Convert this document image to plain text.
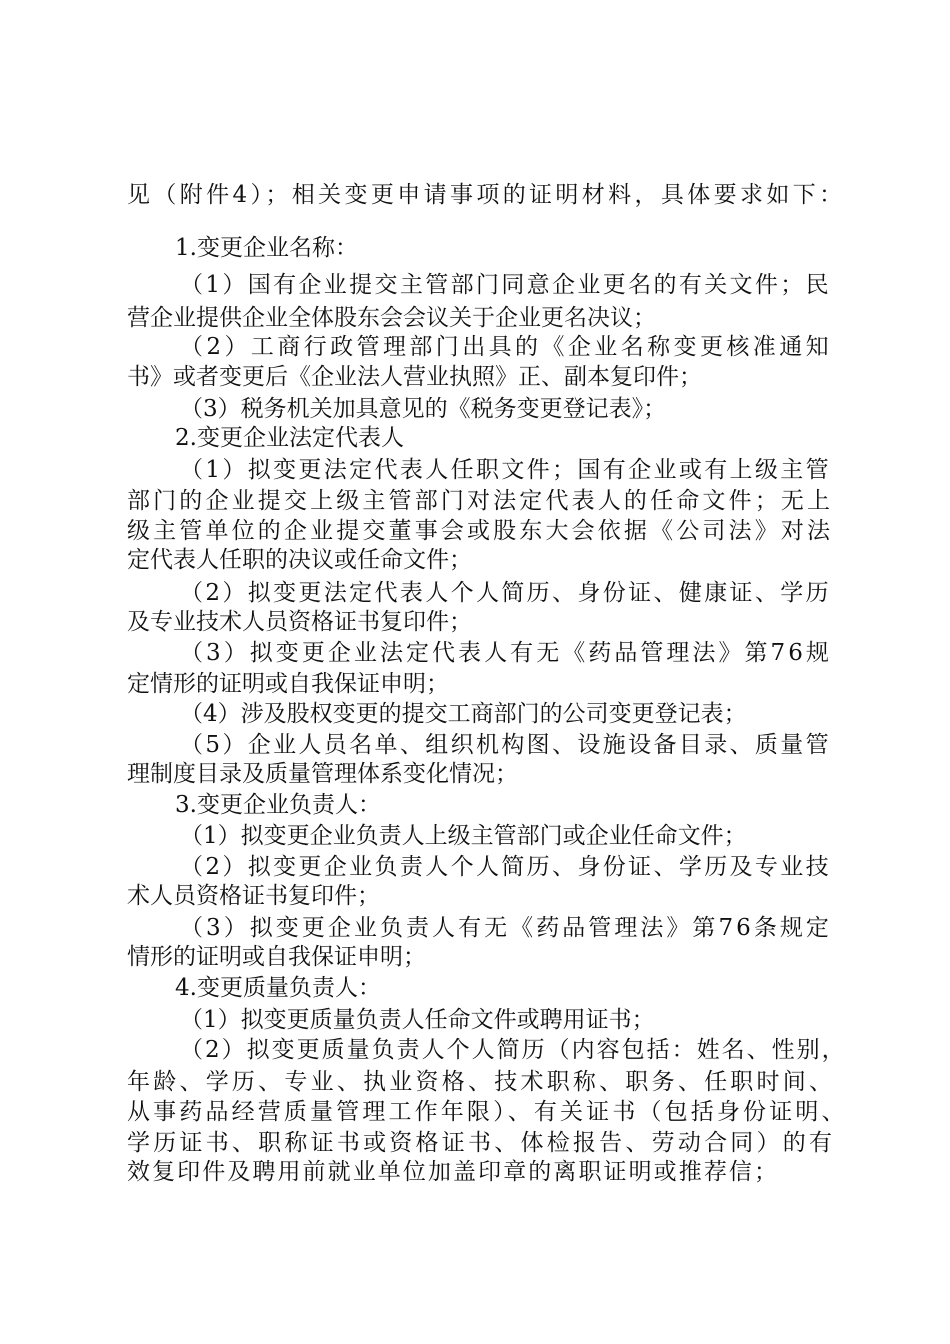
见（附件4）；相关变更申请事项的证明材料，具体要求如下：

1.变更企业名称：

（1）国有企业提交主管部门同意企业更名的有关文件；民

营企业提供企业全体股东会会议关于企业更名决议；

（2）工商行政管理部门出具的《企业名称变更核准通知

书》或者变更后《企业法人营业执照》正、副本复印件；

（3）税务机关加具意见的《税务变更登记表》；

2.变更企业法定代表人

（1）拟变更法定代表人任职文件；国有企业或有上级主管

部门的企业提交上级主管部门对法定代表人的任命文件；无上

级主管单位的企业提交董事会或股东大会依据《公司法》对法

定代表人任职的决议或任命文件；

（2）拟变更法定代表人个人简历、身份证、健康证、学历

及专业技术人员资格证书复印件；

（3）拟变更企业法定代表人有无《药品管理法》第76规

定情形的证明或自我保证申明；

（4）涉及股权变更的提交工商部门的公司变更登记表；

（5）企业人员名单、组织机构图、设施设备目录、质量管

理制度目录及质量管理体系变化情况；

3.变更企业负责人：

（1）拟变更企业负责人上级主管部门或企业任命文件；

（2）拟变更企业负责人个人简历、身份证、学历及专业技

术人员资格证书复印件；

（3）拟变更企业负责人有无《药品管理法》第76条规定

情形的证明或自我保证申明；

4.变更质量负责人：

（1）拟变更质量负责人任命文件或聘用证书；

（2）拟变更质量负责人个人简历（内容包括：姓名、性别，

年龄、学历、专业、执业资格、技术职称、职务、任职时间、

从事药品经营质量管理工作年限）、有关证书（包括身份证明、

学历证书、职称证书或资格证书、体检报告、劳动合同）的有

效复印件及聘用前就业单位加盖印章的离职证明或推荐信；
